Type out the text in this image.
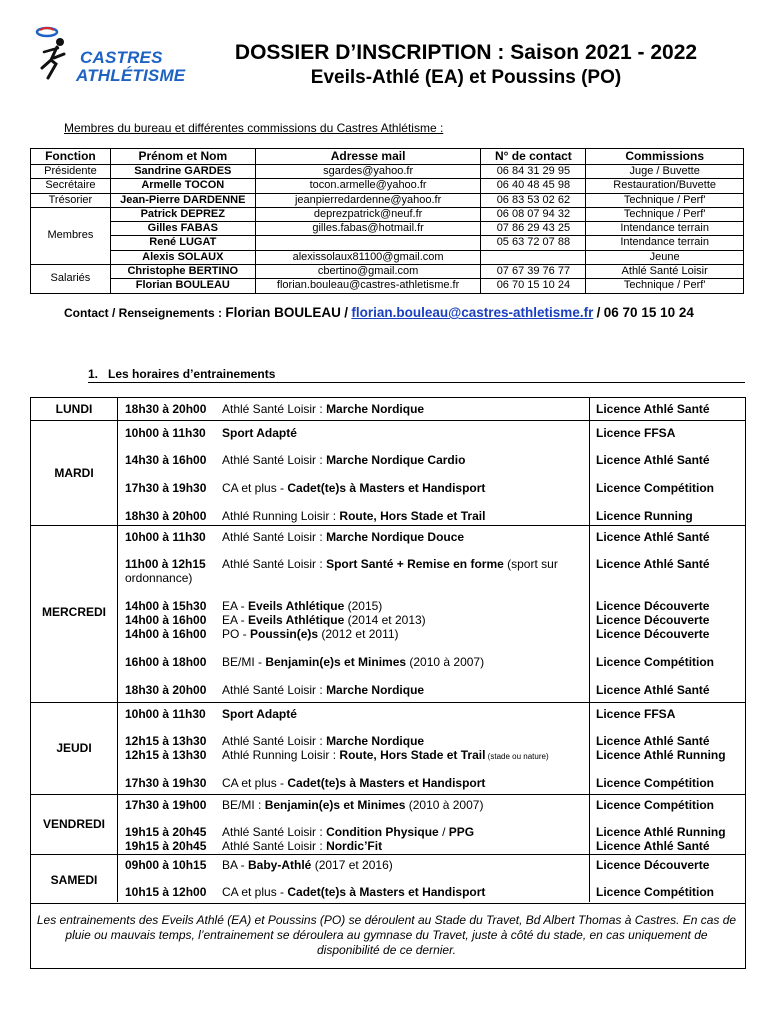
CASTRES
ATHLÉTISME
DOSSIER D’INSCRIPTION : Saison 2021 - 2022
Eveils-Athlé (EA) et Poussins (PO)
Membres du bureau et différentes commissions du Castres Athlétisme :
Fonction	Prénom et Nom	Adresse mail	N° de contact	Commissions
Présidente	Sandrine GARDES	sgardes@yahoo.fr	06 84 31 29 95	Juge / Buvette
Secrétaire	Armelle TOCON	tocon.armelle@yahoo.fr	06 40 48 45 98	Restauration/Buvette
Trésorier	Jean-Pierre DARDENNE	jeanpierredardenne@yahoo.fr	06 83 53 02 62	Technique / Perf'
Membres	Patrick DEPREZ	deprezpatrick@neuf.fr	06 08 07 94 32	Technique / Perf'
	Gilles FABAS	gilles.fabas@hotmail.fr	07 86 29 43 25	Intendance terrain
	René LUGAT		05 63 72 07 88	Intendance terrain
	Alexis SOLAUX	alexissolaux81100@gmail.com		Jeune
Salariés	Christophe BERTINO	cbertino@gmail.com	07 67 39 76 77	Athlé Santé Loisir
	Florian BOULEAU	florian.bouleau@castres-athletisme.fr	06 70 15 10 24	Technique / Perf'
Contact / Renseignements : Florian BOULEAU / florian.bouleau@castres-athletisme.fr / 06 70 15 10 24
1. Les horaires d’entrainements
LUNDI	18h30 à 20h00 Athlé Santé Loisir : Marche Nordique	Licence Athlé Santé
MARDI
10h00 à 11h30 Sport Adapté	Licence FFSA
14h30 à 16h00 Athlé Santé Loisir : Marche Nordique Cardio	Licence Athlé Santé
17h30 à 19h30 CA et plus - Cadet(te)s à Masters et Handisport	Licence Compétition
18h30 à 20h00 Athlé Running Loisir : Route, Hors Stade et Trail	Licence Running
MERCREDI
10h00 à 11h30 Athlé Santé Loisir : Marche Nordique Douce	Licence Athlé Santé
11h00 à 12h15 Athlé Santé Loisir : Sport Santé + Remise en forme (sport sur	Licence Athlé Santé
ordonnance)
14h00 à 15h30 EA - Eveils Athlétique (2015)	Licence Découverte
14h00 à 16h00 EA - Eveils Athlétique (2014 et 2013)	Licence Découverte
14h00 à 16h00 PO - Poussin(e)s (2012 et 2011)	Licence Découverte
16h00 à 18h00 BE/MI - Benjamin(e)s et Minimes (2010 à 2007)	Licence Compétition
18h30 à 20h00 Athlé Santé Loisir : Marche Nordique	Licence Athlé Santé
JEUDI
10h00 à 11h30 Sport Adapté	Licence FFSA
12h15 à 13h30 Athlé Santé Loisir : Marche Nordique	Licence Athlé Santé
12h15 à 13h30 Athlé Running Loisir : Route, Hors Stade et Trail (stade ou nature)	Licence Athlé Running
17h30 à 19h30 CA et plus - Cadet(te)s à Masters et Handisport	Licence Compétition
VENDREDI
17h30 à 19h00 BE/MI : Benjamin(e)s et Minimes (2010 à 2007)	Licence Compétition
19h15 à 20h45 Athlé Santé Loisir : Condition Physique / PPG	Licence Athlé Running
19h15 à 20h45 Athlé Santé Loisir : Nordic’Fit	Licence Athlé Santé
SAMEDI
09h00 à 10h15 BA - Baby-Athlé (2017 et 2016)	Licence Découverte
10h15 à 12h00 CA et plus - Cadet(te)s à Masters et Handisport	Licence Compétition
Les entrainements des Eveils Athlé (EA) et Poussins (PO) se déroulent au Stade du Travet, Bd Albert Thomas à Castres. En cas de pluie ou mauvais temps, l’entrainement se déroulera au gymnase du Travet, juste à côté du stade, en cas uniquement de disponibilité de ce dernier.
